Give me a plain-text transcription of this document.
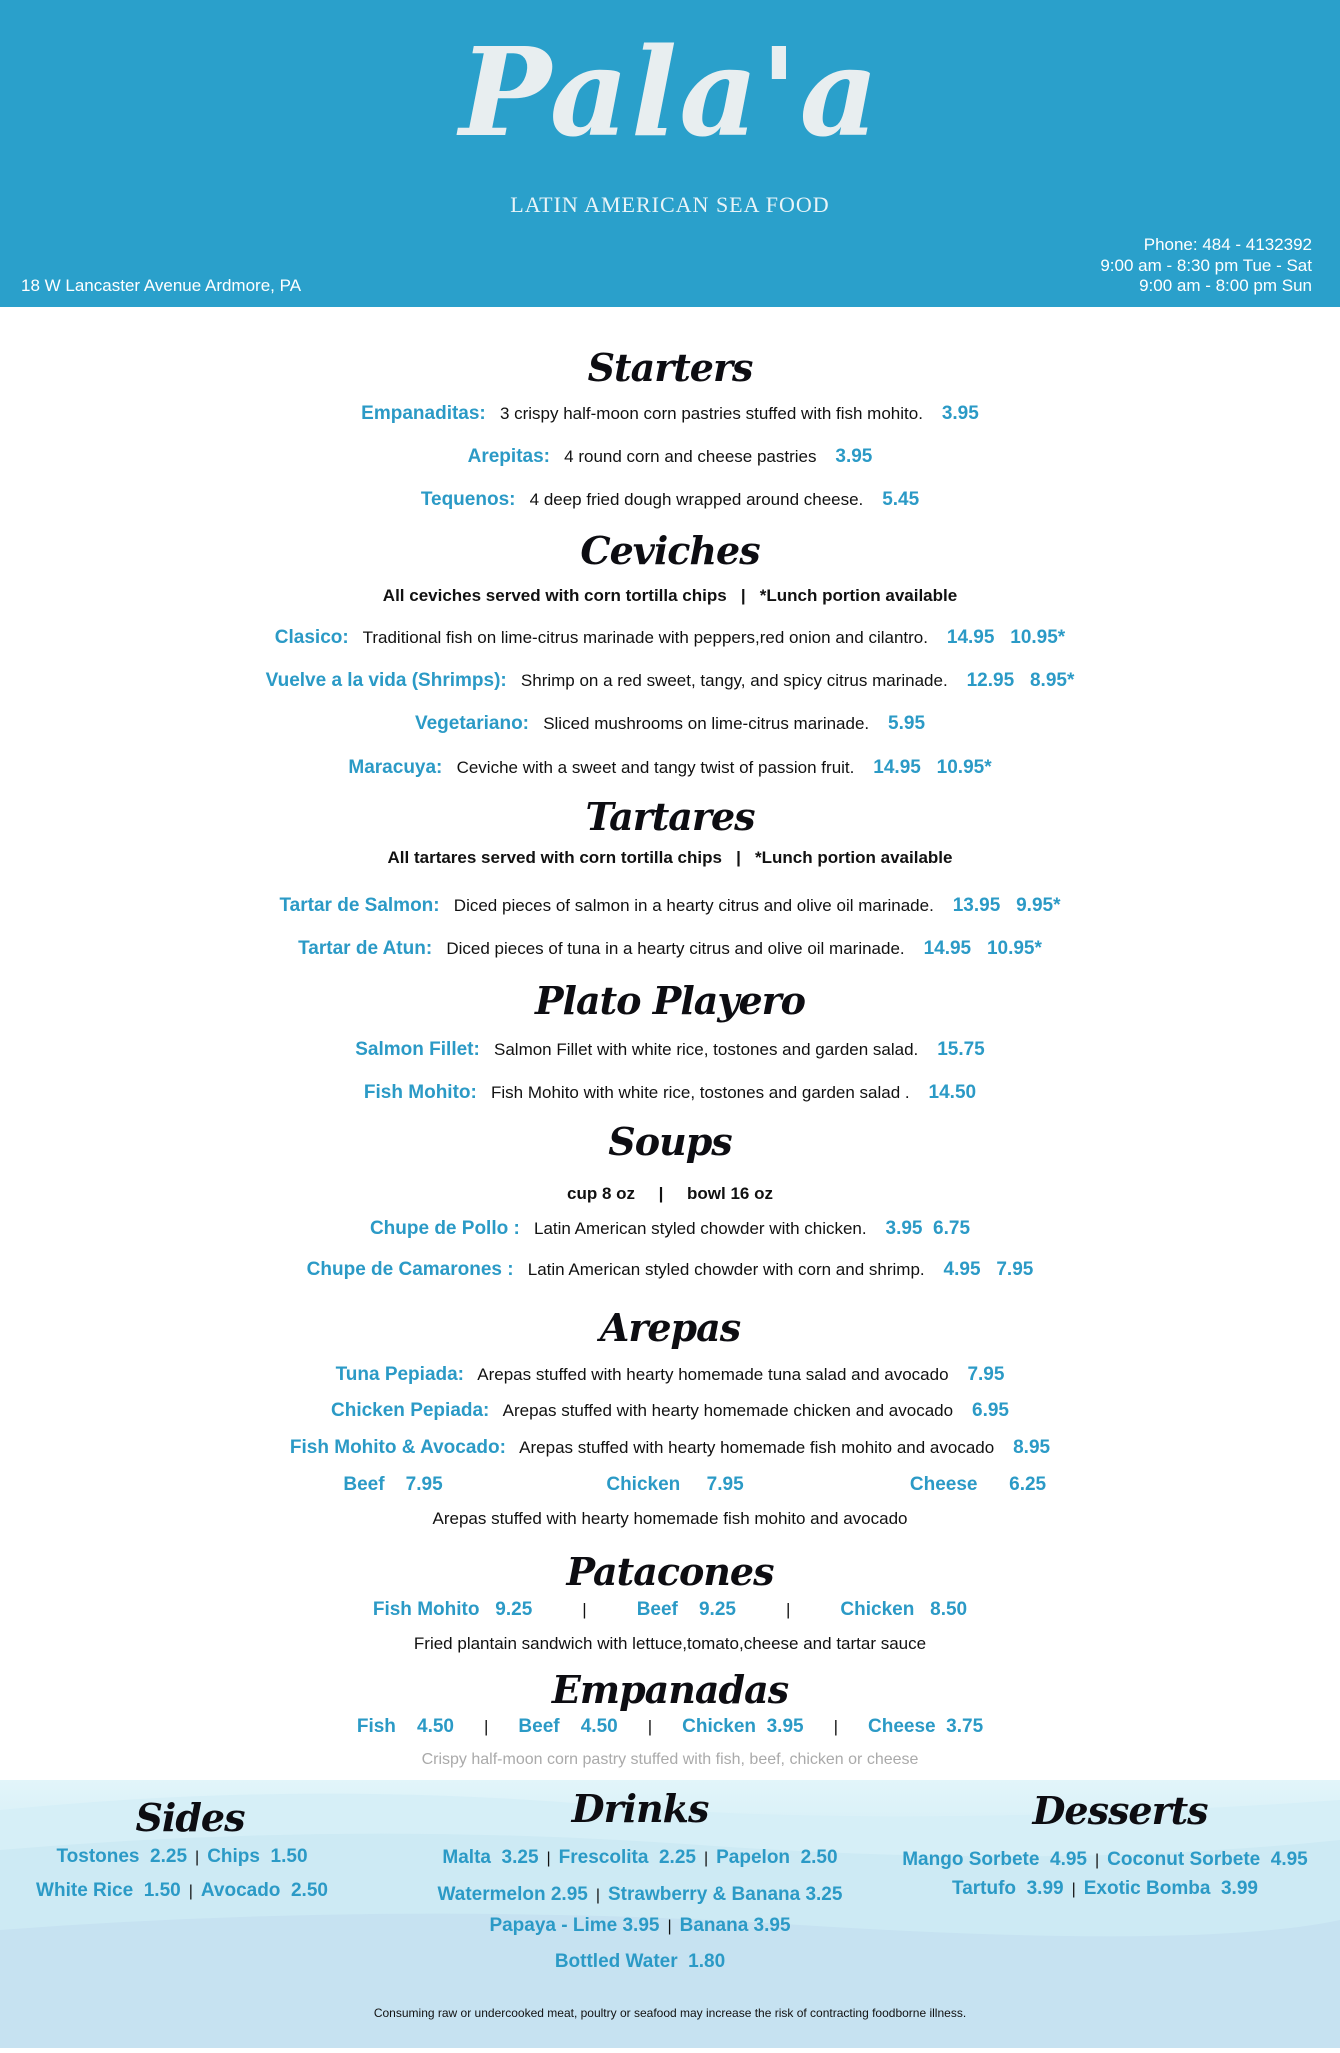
Pala'a
LATIN AMERICAN SEA FOOD
18 W Lancaster Avenue Ardmore, PA
Phone: 484 - 4132392
9:00 am - 8:30 pm Tue - Sat
9:00 am - 8:00 pm Sun
Starters
Empanaditas: 3 crispy half-moon corn pastries stuffed with fish mohito. 3.95
Arepitas: 4 round corn and cheese pastries 3.95
Tequenos: 4 deep fried dough wrapped around cheese. 5.45
Ceviches
All ceviches served with corn tortilla chips   |   *Lunch portion available
Clasico: Traditional fish on lime-citrus marinade with peppers,red onion and cilantro. 14.95   10.95*
Vuelve a la vida (Shrimps): Shrimp on a red sweet, tangy, and spicy citrus marinade. 12.95   8.95*
Vegetariano: Sliced mushrooms on lime-citrus marinade. 5.95
Maracuya: Ceviche with a sweet and tangy twist of passion fruit. 14.95   10.95*
Tartares
All tartares served with corn tortilla chips   |   *Lunch portion available
Tartar de Salmon: Diced pieces of salmon in a hearty citrus and olive oil marinade. 13.95   9.95*
Tartar de Atun: Diced pieces of tuna in a hearty citrus and olive oil marinade. 14.95   10.95*
Plato Playero
Salmon Fillet: Salmon Fillet with white rice, tostones and garden salad. 15.75
Fish Mohito: Fish Mohito with white rice, tostones and garden salad . 14.50
Soups
cup 8 oz     |     bowl 16 oz
Chupe de Pollo : Latin American styled chowder with chicken. 3.95  6.75
Chupe de Camarones : Latin American styled chowder with corn and shrimp. 4.95   7.95
Arepas
Tuna Pepiada: Arepas stuffed with hearty homemade tuna salad and avocado 7.95
Chicken Pepiada: Arepas stuffed with hearty homemade chicken and avocado 6.95
Fish Mohito & Avocado: Arepas stuffed with hearty homemade fish mohito and avocado 8.95
Beef    7.95	Chicken     7.95	Cheese      6.25
Arepas stuffed with hearty homemade fish mohito and avocado
Patacones
Fish Mohito   9.25	|	Beef    9.25	|	Chicken   8.50
Fried plantain sandwich with lettuce,tomato,cheese and tartar sauce
Empanadas
Fish    4.50 | Beef    4.50 | Chicken  3.95 | Cheese  3.75
Crispy half-moon corn pastry stuffed with fish, beef, chicken or cheese
Sides	Drinks	Desserts
Tostones  2.25 | Chips  1.50
White Rice  1.50 | Avocado  2.50
Malta  3.25 | Frescolita  2.25 | Papelon  2.50
Watermelon 2.95 | Strawberry & Banana 3.25
Papaya - Lime 3.95 | Banana 3.95
Bottled Water  1.80
Mango Sorbete  4.95 | Coconut Sorbete  4.95
Tartufo  3.99 | Exotic Bomba  3.99
Consuming raw or undercooked meat, poultry or seafood may increase the risk of contracting foodborne illness.
